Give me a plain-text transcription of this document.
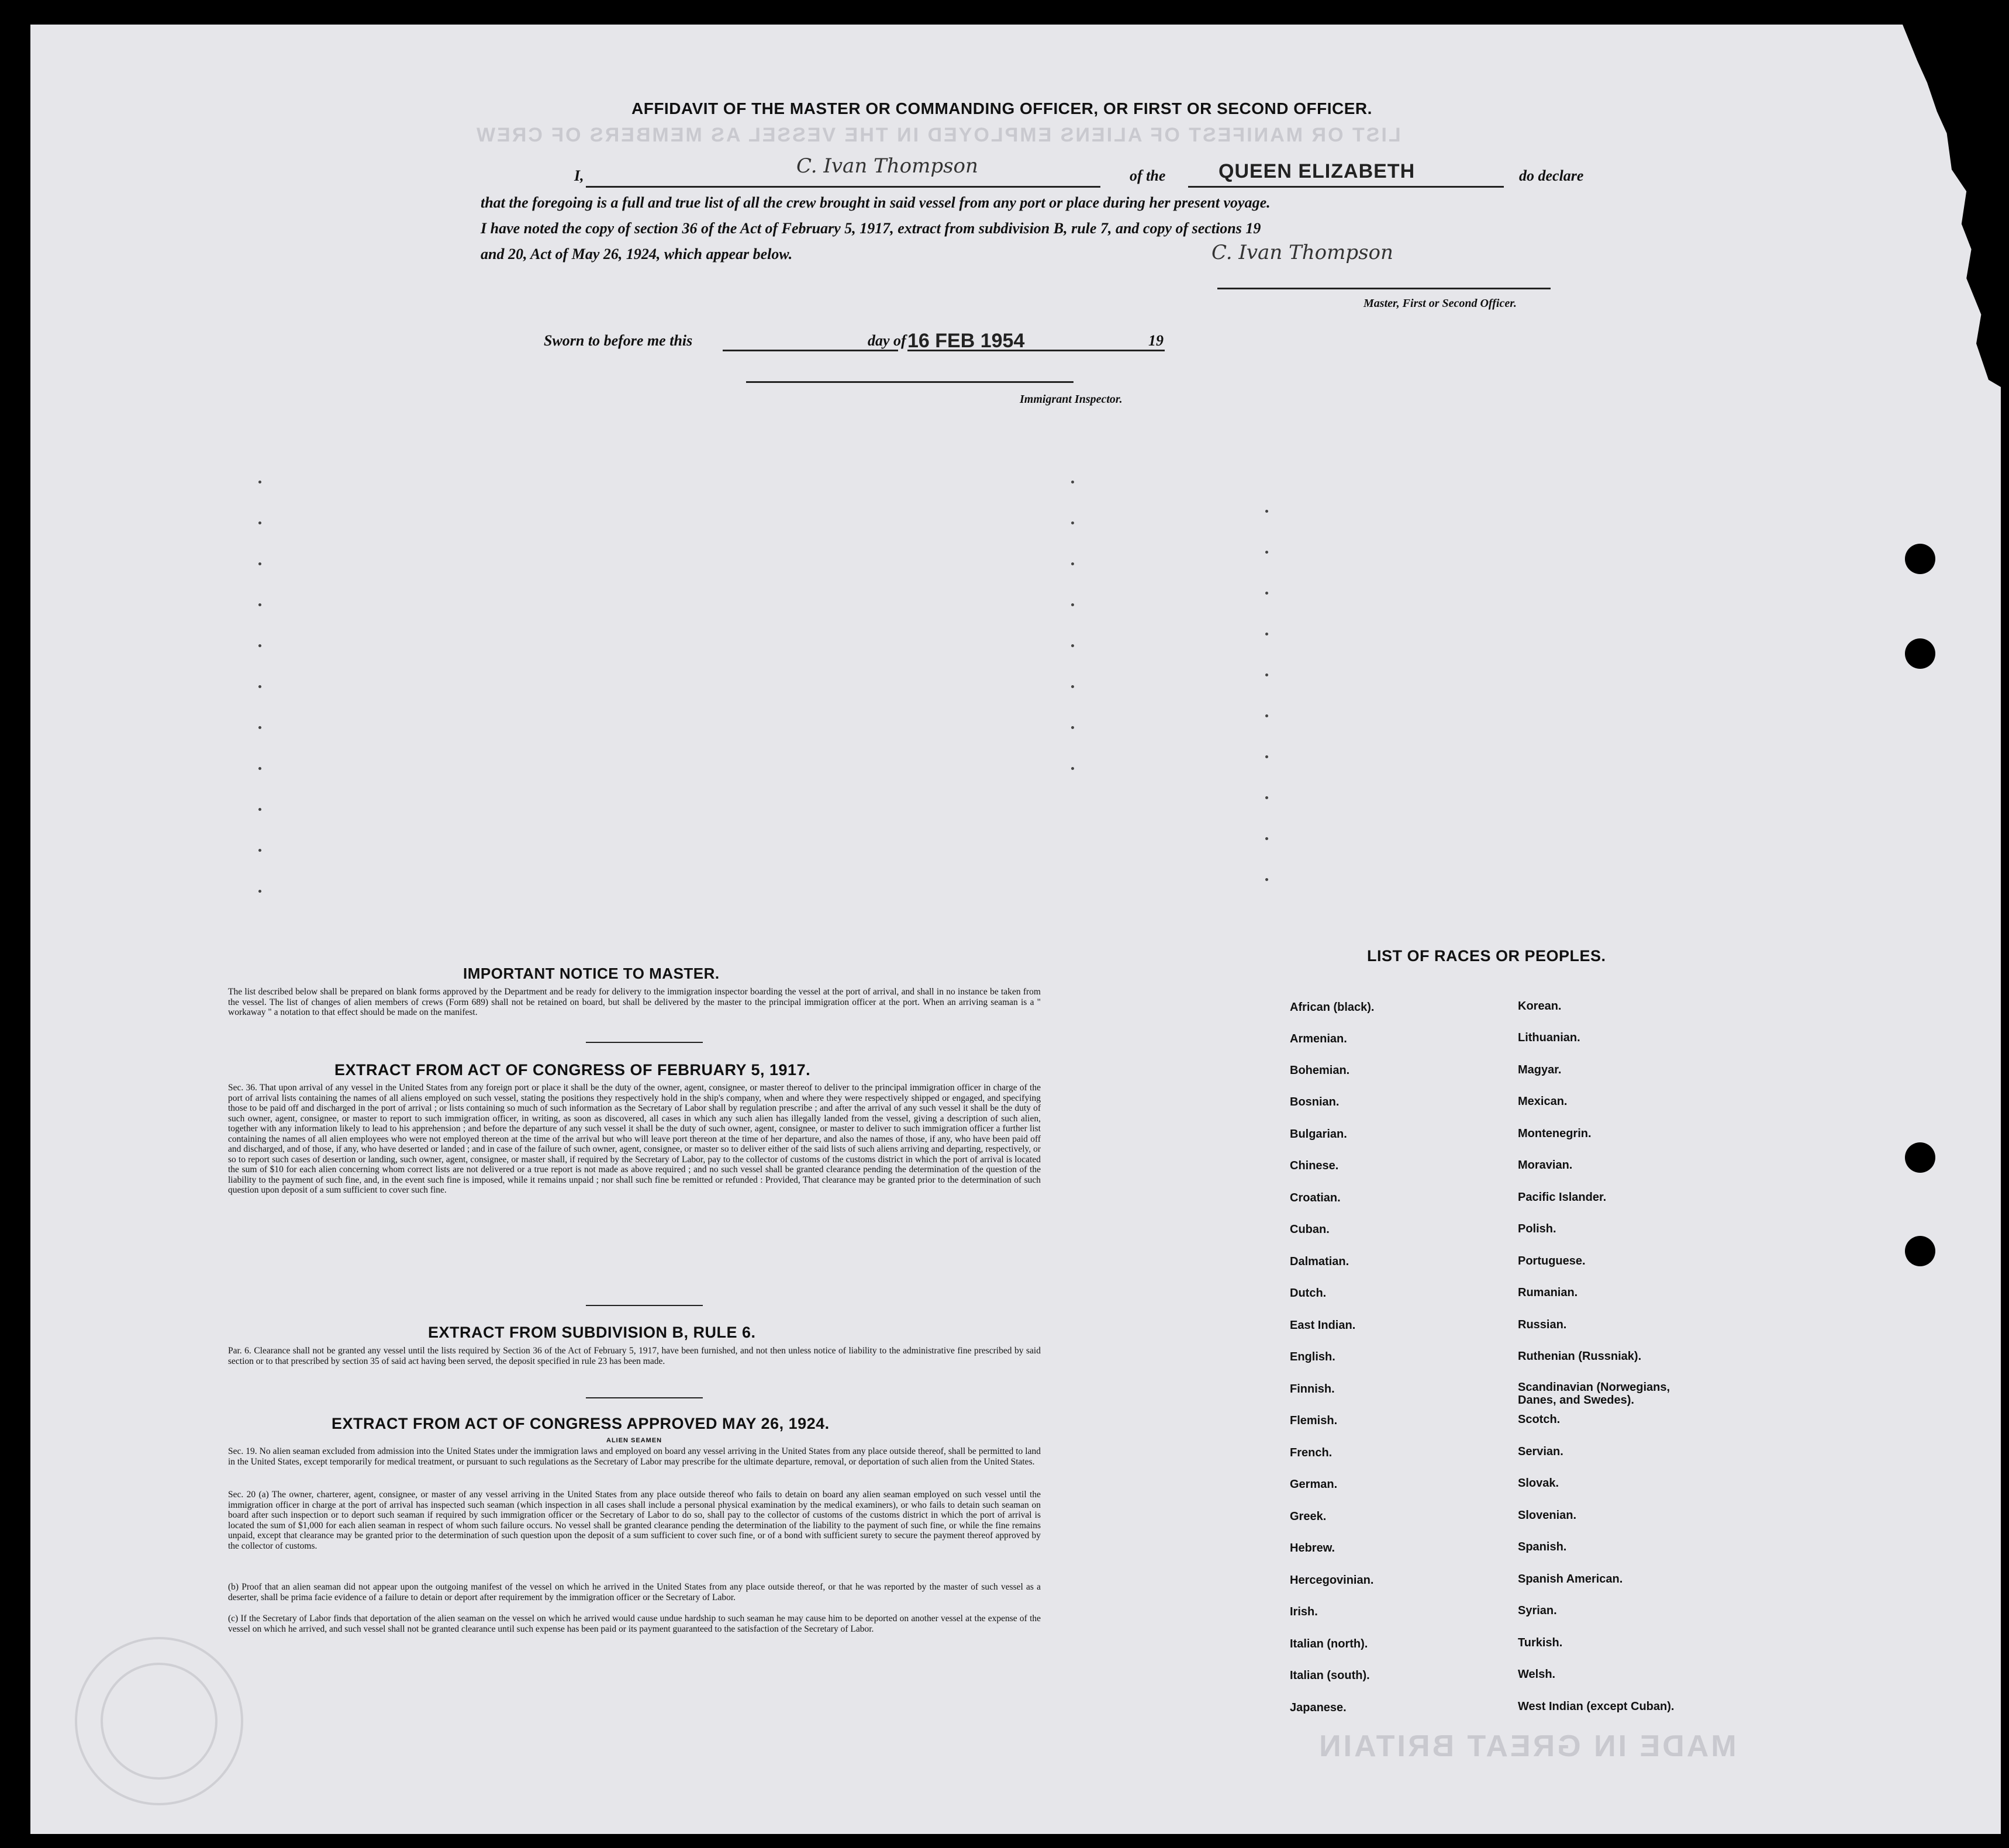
LIST OR MANIFEST OF ALIENS EMPLOYED IN THE VESSEL AS MEMBERS OF CREW
MADE IN GREAT BRITAIN
AFFIDAVIT OF THE MASTER OR COMMANDING OFFICER, OR FIRST OR SECOND OFFICER.
I,	C. Ivan Thompson	of the	QUEEN ELIZABETH	do declare
that the foregoing is a full and true list of all the crew brought in said vessel from any port or place during her present voyage.
I have noted the copy of section 36 of the Act of February 5, 1917, extract from subdivision B, rule 7, and copy of sections 19
and 20, Act of May 26, 1924, which appear below.	C. Ivan Thompson
Master, First or Second Officer.
Sworn to before me this	day of 16 FEB 1954	19
Immigrant Inspector.
IMPORTANT NOTICE TO MASTER.
The list described below shall be prepared on blank forms approved by the Department and be ready for delivery to the immigration inspector boarding the vessel at the port of arrival, and shall in no instance be taken from the vessel. The list of changes of alien members of crews (Form 689) shall not be retained on board, but shall be delivered by the master to the principal immigration officer at the port. When an arriving seaman is a " workaway " a notation to that effect should be made on the manifest.
EXTRACT FROM ACT OF CONGRESS OF FEBRUARY 5, 1917.
Sec. 36. That upon arrival of any vessel in the United States from any foreign port or place it shall be the duty of the owner, agent, consignee, or master thereof to deliver to the principal immigration officer in charge of the port of arrival lists containing the names of all aliens employed on such vessel, stating the positions they respectively hold in the ship's company, when and where they were respectively shipped or engaged, and specifying those to be paid off and discharged in the port of arrival ; or lists containing so much of such information as the Secretary of Labor shall by regulation prescribe ; and after the arrival of any such vessel it shall be the duty of such owner, agent, consignee, or master to report to such immigration officer, in writing, as soon as discovered, all cases in which any such alien has illegally landed from the vessel, giving a description of such alien, together with any information likely to lead to his apprehension ; and before the departure of any such vessel it shall be the duty of such owner, agent, consignee, or master to deliver to such immigration officer a further list containing the names of all alien employees who were not employed thereon at the time of the arrival but who will leave port thereon at the time of her departure, and also the names of those, if any, who have been paid off and discharged, and of those, if any, who have deserted or landed ; and in case of the failure of such owner, agent, consignee, or master so to deliver either of the said lists of such aliens arriving and departing, respectively, or so to report such cases of desertion or landing, such owner, agent, consignee, or master shall, if required by the Secretary of Labor, pay to the collector of customs of the customs district in which the port of arrival is located the sum of $10 for each alien concerning whom correct lists are not delivered or a true report is not made as above required ; and no such vessel shall be granted clearance pending the determination of the question of the liability to the payment of such fine, and, in the event such fine is imposed, while it remains unpaid ; nor shall such fine be remitted or refunded : Provided, That clearance may be granted prior to the determination of such question upon deposit of a sum sufficient to cover such fine.
EXTRACT FROM SUBDIVISION B, RULE 6.
Par. 6. Clearance shall not be granted any vessel until the lists required by Section 36 of the Act of February 5, 1917, have been furnished, and not then unless notice of liability to the administrative fine prescribed by said section or to that prescribed by section 35 of said act having been served, the deposit specified in rule 23 has been made.
EXTRACT FROM ACT OF CONGRESS APPROVED MAY 26, 1924.
ALIEN SEAMEN
Sec. 19. No alien seaman excluded from admission into the United States under the immigration laws and employed on board any vessel arriving in the United States from any place outside thereof, shall be permitted to land in the United States, except temporarily for medical treatment, or pursuant to such regulations as the Secretary of Labor may prescribe for the ultimate departure, removal, or deportation of such alien from the United States.
Sec. 20 (a) The owner, charterer, agent, consignee, or master of any vessel arriving in the United States from any place outside thereof who fails to detain on board any alien seaman employed on such vessel until the immigration officer in charge at the port of arrival has inspected such seaman (which inspection in all cases shall include a personal physical examination by the medical examiners), or who fails to detain such seaman on board after such inspection or to deport such seaman if required by such immigration officer or the Secretary of Labor to do so, shall pay to the collector of customs of the customs district in which the port of arrival is located the sum of $1,000 for each alien seaman in respect of whom such failure occurs. No vessel shall be granted clearance pending the determination of the liability to the payment of such fine, or while the fine remains unpaid, except that clearance may be granted prior to the determination of such question upon the deposit of a sum sufficient to cover such fine, or of a bond with sufficient surety to secure the payment thereof approved by the collector of customs.
(b) Proof that an alien seaman did not appear upon the outgoing manifest of the vessel on which he arrived in the United States from any place outside thereof, or that he was reported by the master of such vessel as a deserter, shall be prima facie evidence of a failure to detain or deport after requirement by the immigration officer or the Secretary of Labor.
(c) If the Secretary of Labor finds that deportation of the alien seaman on the vessel on which he arrived would cause undue hardship to such seaman he may cause him to be deported on another vessel at the expense of the vessel on which he arrived, and such vessel shall not be granted clearance until such expense has been paid or its payment guaranteed to the satisfaction of the Secretary of Labor.
LIST OF RACES OR PEOPLES.
African (black).
Armenian.
Bohemian.
Bosnian.
Bulgarian.
Chinese.
Croatian.
Cuban.
Dalmatian.
Dutch.
East Indian.
English.
Finnish.
Flemish.
French.
German.
Greek.
Hebrew.
Hercegovinian.
Irish.
Italian (north).
Italian (south).
Japanese.
Korean.
Lithuanian.
Magyar.
Mexican.
Montenegrin.
Moravian.
Pacific Islander.
Polish.
Portuguese.
Rumanian.
Russian.
Ruthenian (Russniak).
Scandinavian (Norwegians, Danes, and Swedes).
Scotch.
Servian.
Slovak.
Slovenian.
Spanish.
Spanish American.
Syrian.
Turkish.
Welsh.
West Indian (except Cuban).
